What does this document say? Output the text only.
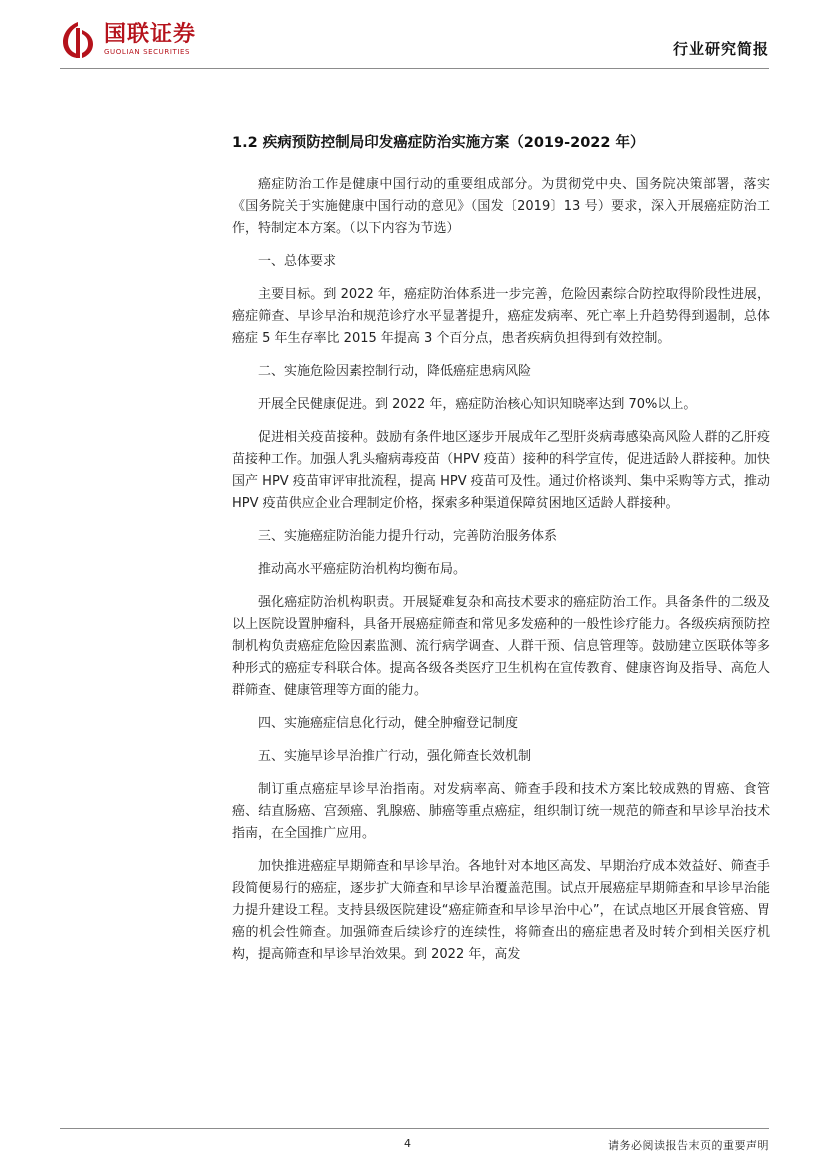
国联证券
GUOLIAN SECURITIES	行业研究简报
1.2 疾病预防控制局印发癌症防治实施方案（2019-2022 年）

癌症防治工作是健康中国行动的重要组成部分。为贯彻党中央、国务院决策部署，落实《国务院关于实施健康中国行动的意见》（国发〔2019〕13 号）要求，深入开展癌症防治工作，特制定本方案。（以下内容为节选）

一、总体要求

主要目标。到 2022 年，癌症防治体系进一步完善，危险因素综合防控取得阶段性进展，癌症筛查、早诊早治和规范诊疗水平显著提升，癌症发病率、死亡率上升趋势得到遏制，总体癌症 5 年生存率比 2015 年提高 3 个百分点，患者疾病负担得到有效控制。

二、实施危险因素控制行动，降低癌症患病风险

开展全民健康促进。到 2022 年，癌症防治核心知识知晓率达到 70%以上。

促进相关疫苗接种。鼓励有条件地区逐步开展成年乙型肝炎病毒感染高风险人群的乙肝疫苗接种工作。加强人乳头瘤病毒疫苗（HPV 疫苗）接种的科学宣传，促进适龄人群接种。加快国产 HPV 疫苗审评审批流程，提高 HPV 疫苗可及性。通过价格谈判、集中采购等方式，推动 HPV 疫苗供应企业合理制定价格，探索多种渠道保障贫困地区适龄人群接种。

三、实施癌症防治能力提升行动，完善防治服务体系

推动高水平癌症防治机构均衡布局。

强化癌症防治机构职责。开展疑难复杂和高技术要求的癌症防治工作。具备条件的二级及以上医院设置肿瘤科，具备开展癌症筛查和常见多发癌种的一般性诊疗能力。各级疾病预防控制机构负责癌症危险因素监测、流行病学调查、人群干预、信息管理等。鼓励建立医联体等多种形式的癌症专科联合体。提高各级各类医疗卫生机构在宣传教育、健康咨询及指导、高危人群筛查、健康管理等方面的能力。

四、实施癌症信息化行动，健全肿瘤登记制度

五、实施早诊早治推广行动，强化筛查长效机制

制订重点癌症早诊早治指南。对发病率高、筛查手段和技术方案比较成熟的胃癌、食管癌、结直肠癌、宫颈癌、乳腺癌、肺癌等重点癌症，组织制订统一规范的筛查和早诊早治技术指南，在全国推广应用。

加快推进癌症早期筛查和早诊早治。各地针对本地区高发、早期治疗成本效益好、筛查手段简便易行的癌症，逐步扩大筛查和早诊早治覆盖范围。试点开展癌症早期筛查和早诊早治能力提升建设工程。支持县级医院建设“癌症筛查和早诊早治中心”，在试点地区开展食管癌、胃癌的机会性筛查。加强筛查后续诊疗的连续性，将筛查出的癌症患者及时转介到相关医疗机构，提高筛查和早诊早治效果。到 2022 年，高发

4	请务必阅读报告末页的重要声明
